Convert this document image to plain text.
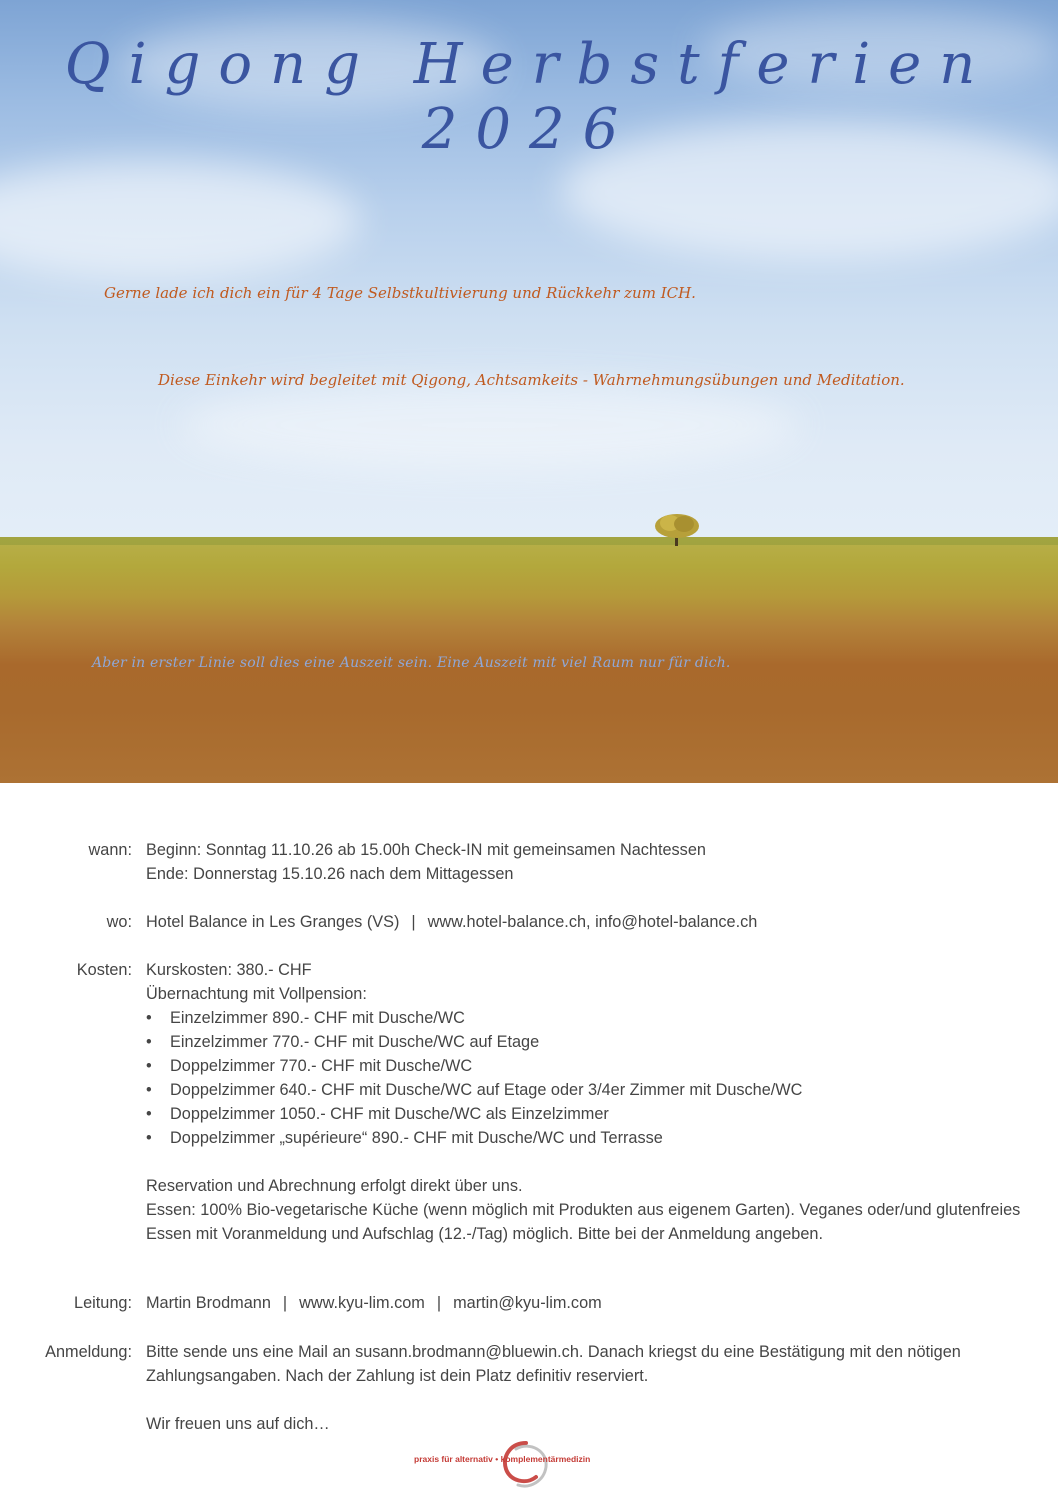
Qigong Herbstferien 2026

Gerne lade ich dich ein für 4 Tage Selbstkultivierung und Rückkehr zum ICH.

Diese Einkehr wird begleitet mit Qigong, Achtsamkeits - Wahrnehmungsübungen und Meditation.

Aber in erster Linie soll dies eine Auszeit sein. Eine Auszeit mit viel Raum nur für dich.

wann: Beginn: Sonntag 11.10.26 ab 15.00h Check-IN mit gemeinsamen Nachtessen

Ende: Donnerstag 15.10.26 nach dem Mittagessen

wo: Hotel Balance in Les Granges (VS) | www.hotel-balance.ch, info@hotel-balance.ch

Kosten: Kurskosten: 380.- CHF

Übernachtung mit Vollpension:

• Einzelzimmer 890.- CHF mit Dusche/WC
• Einzelzimmer 770.- CHF mit Dusche/WC auf Etage
• Doppelzimmer 770.- CHF mit Dusche/WC
• Doppelzimmer 640.- CHF mit Dusche/WC auf Etage oder 3/4er Zimmer mit Dusche/WC
• Doppelzimmer 1050.- CHF mit Dusche/WC als Einzelzimmer
• Doppelzimmer „supérieure“ 890.- CHF mit Dusche/WC und Terrasse

Reservation und Abrechnung erfolgt direkt über uns.

Essen: 100% Bio-vegetarische Küche (wenn möglich mit Produkten aus eigenem Garten). Veganes oder/und glutenfreies Essen mit Voranmeldung und Aufschlag (12.-/Tag) möglich. Bitte bei der Anmeldung angeben.

Leitung: Martin Brodmann | www.kyu-lim.com | martin@kyu-lim.com

Anmeldung: Bitte sende uns eine Mail an susann.brodmann@bluewin.ch. Danach kriegst du eine Bestätigung mit den nötigen Zahlungsangaben. Nach der Zahlung ist dein Platz definitiv reserviert.

Wir freuen uns auf dich…

praxis für alternativ • komplementärmedizin
